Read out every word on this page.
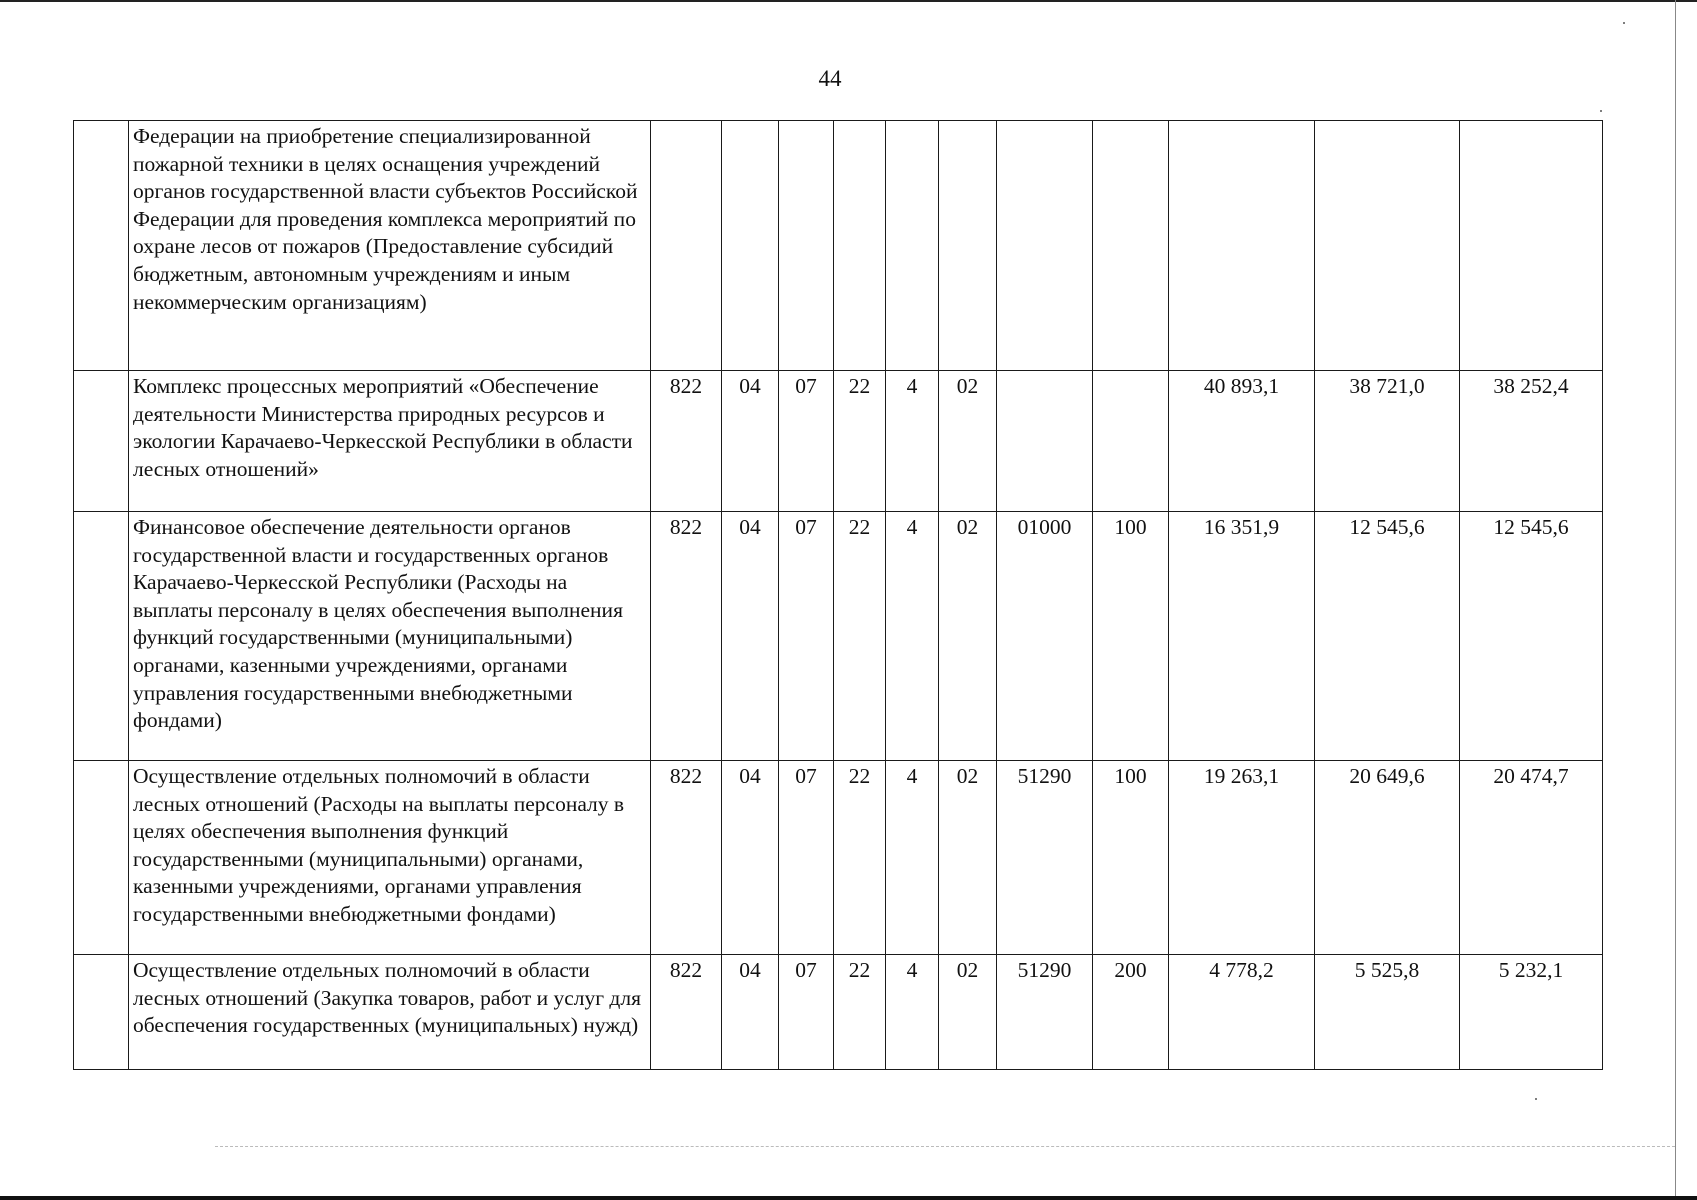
44
	Федерации на приобретение специализированной пожарной техники в целях оснащения учреждений органов государственной власти субъектов Российской Федерации для проведения комплекса мероприятий по охране лесов от пожаров (Предоставление субсидий бюджетным, автономным учреждениям и иным некоммерческим организациям)											
	Комплекс процессных мероприятий «Обеспечение деятельности Министерства природных ресурсов и экологии Карачаево-Черкесской Республики в области лесных отношений»	822	04	07	22	4	02			40 893,1	38 721,0	38 252,4
	Финансовое обеспечение деятельности органов государственной власти и государственных органов Карачаево-Черкесской Республики (Расходы на выплаты персоналу в целях обеспечения выполнения функций государственными (муниципальными) органами, казенными учреждениями, органами управления государственными внебюджетными фондами)	822	04	07	22	4	02	01000	100	16 351,9	12 545,6	12 545,6
	Осуществление отдельных полномочий в области лесных отношений (Расходы на выплаты персоналу в целях обеспечения выполнения функций государственными (муниципальными) органами, казенными учреждениями, органами управления государственными внебюджетными фондами)	822	04	07	22	4	02	51290	100	19 263,1	20 649,6	20 474,7
	Осуществление отдельных полномочий в области лесных отношений (Закупка товаров, работ и услуг для обеспечения государственных (муниципальных) нужд)	822	04	07	22	4	02	51290	200	4 778,2	5 525,8	5 232,1
